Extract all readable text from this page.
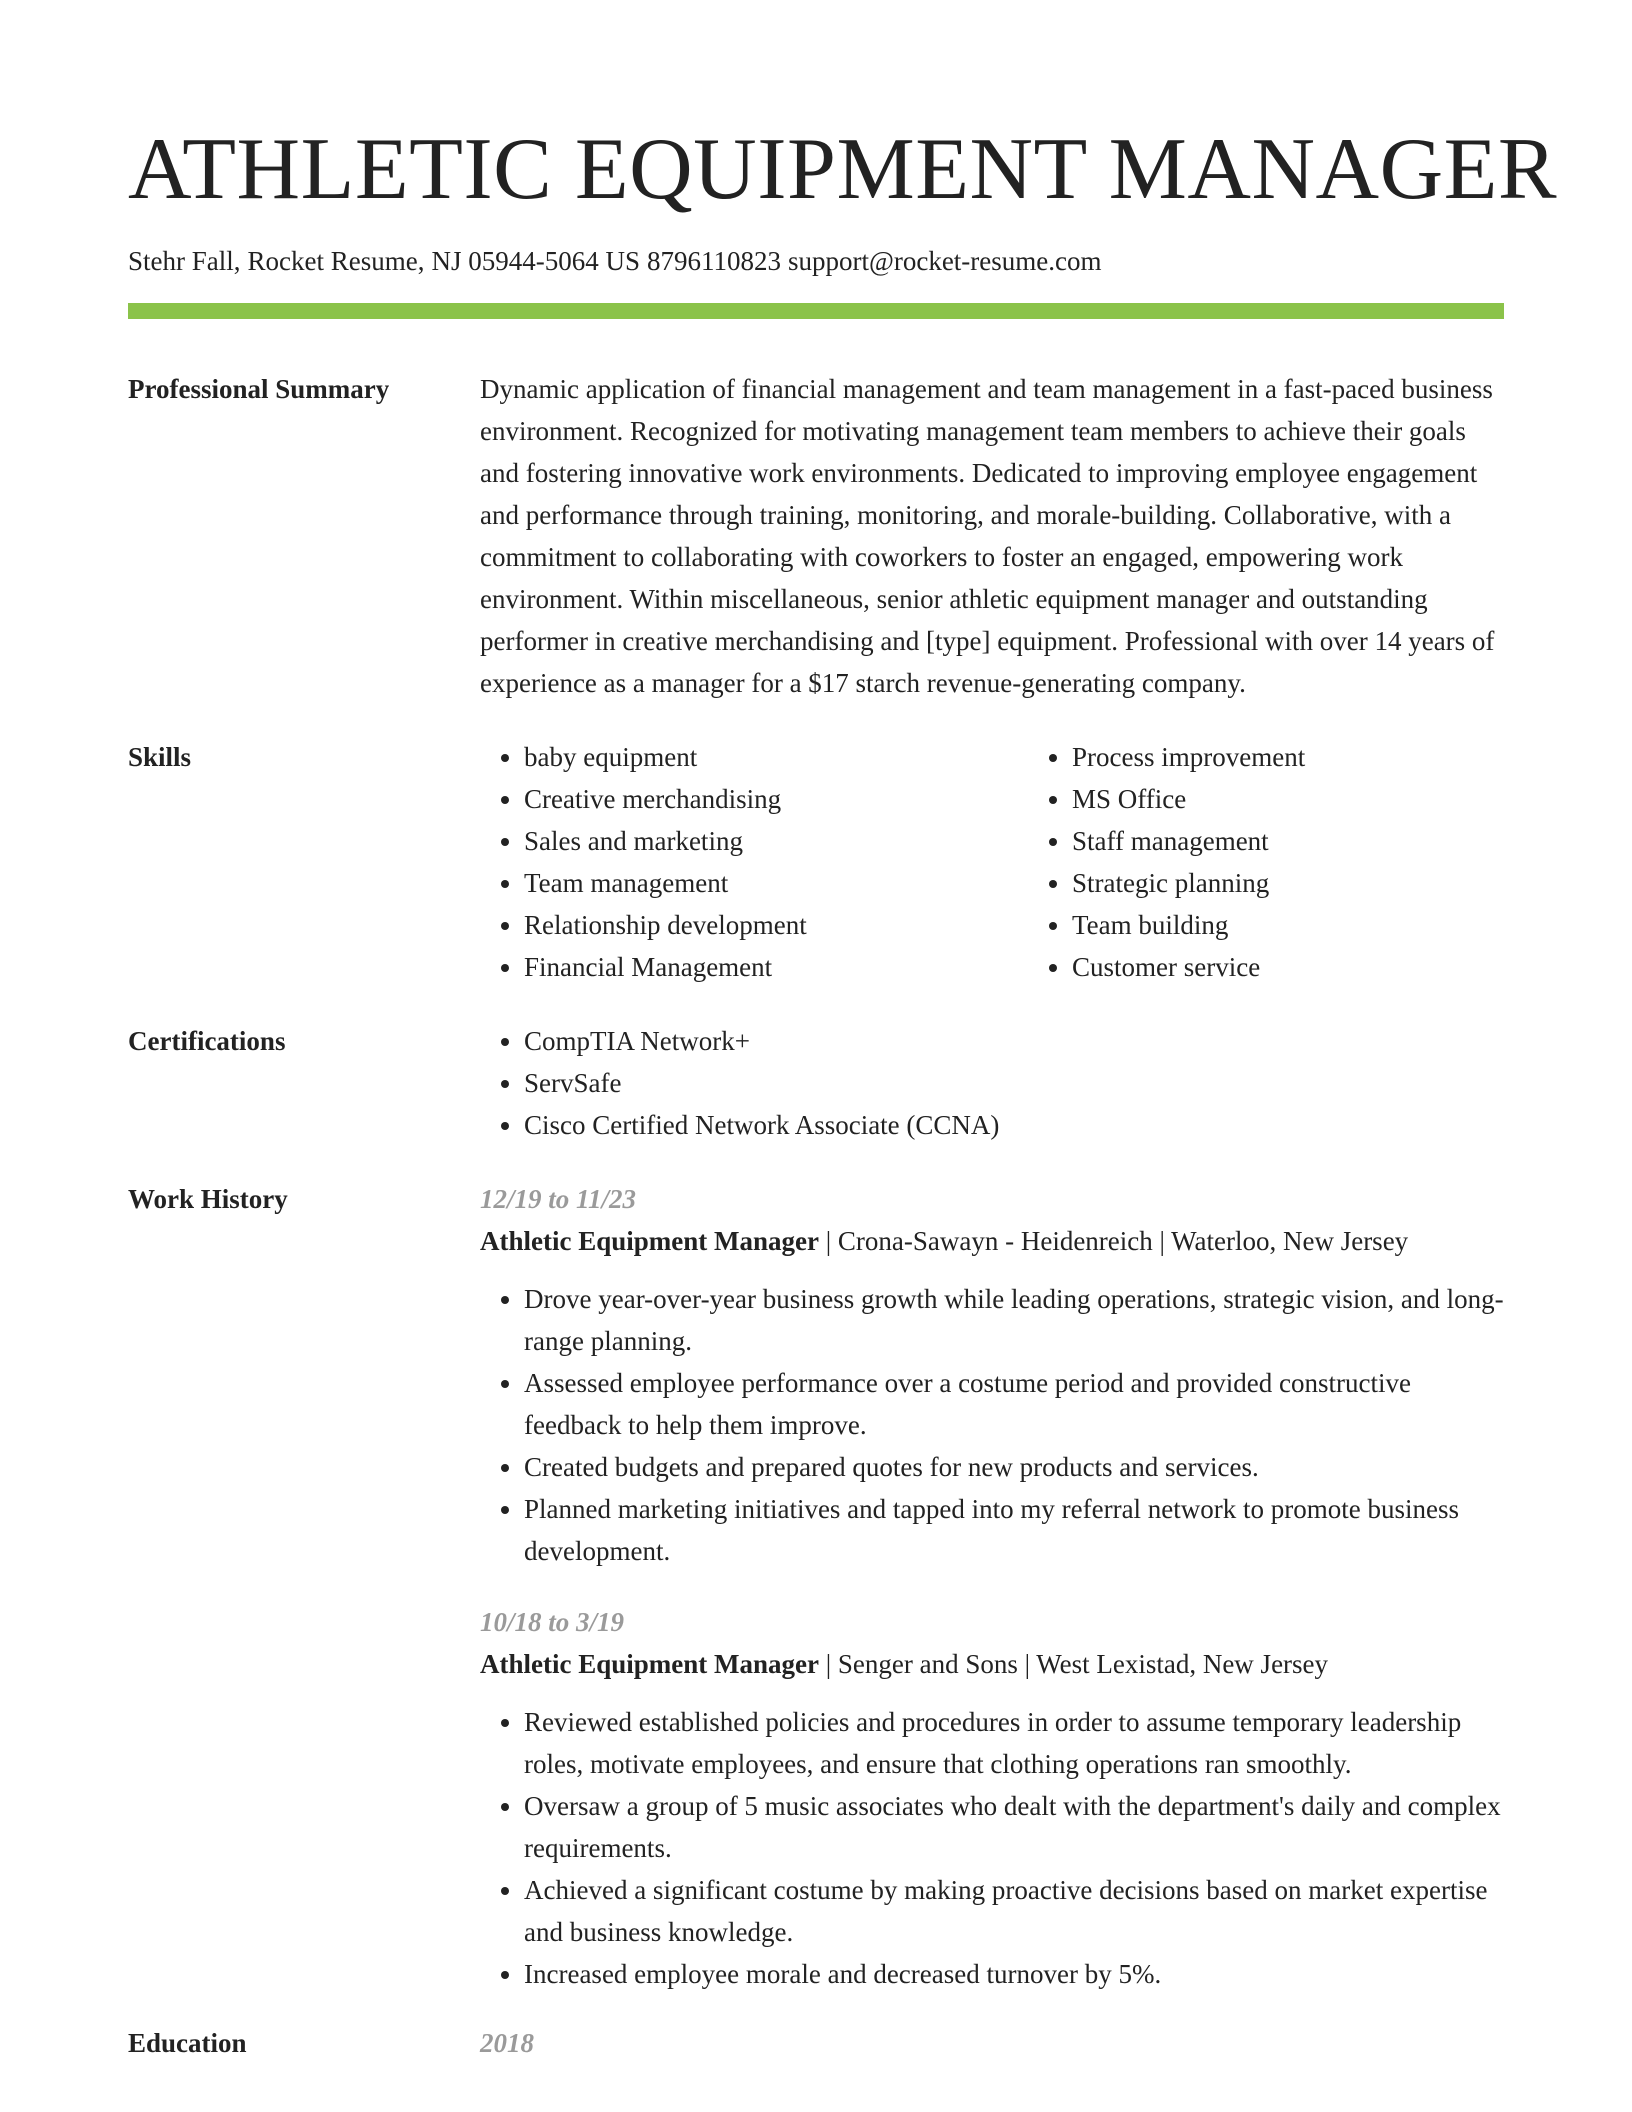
ATHLETIC EQUIPMENT MANAGER
Stehr Fall, Rocket Resume, NJ 05944-5064 US 8796110823 support@rocket-resume.com
Professional Summary	Dynamic application of financial management and team management in a fast-paced business environment. Recognized for motivating management team members to achieve their goals and fostering innovative work environments. Dedicated to improving employee engagement and performance through training, monitoring, and morale-building. Collaborative, with a commitment to collaborating with coworkers to foster an engaged, empowering work environment. Within miscellaneous, senior athletic equipment manager and outstanding performer in creative merchandising and [type] equipment. Professional with over 14 years of experience as a manager for a $17 starch revenue-generating company.

Skills	• baby equipment
• Creative merchandising
• Sales and marketing
• Team management
• Relationship development
• Financial Management
• Process improvement
• MS Office
• Staff management
• Strategic planning
• Team building
• Customer service
Certifications	• CompTIA Network+
• ServSafe
• Cisco Certified Network Associate (CCNA)
Work History	12/19 to 11/23
Athletic Equipment Manager | Crona-Sawayn - Heidenreich | Waterloo, New Jersey
• Drove year-over-year business growth while leading operations, strategic vision, and long-range planning.
• Assessed employee performance over a costume period and provided constructive feedback to help them improve.
• Created budgets and prepared quotes for new products and services.
• Planned marketing initiatives and tapped into my referral network to promote business development.
10/18 to 3/19
Athletic Equipment Manager | Senger and Sons | West Lexistad, New Jersey
• Reviewed established policies and procedures in order to assume temporary leadership roles, motivate employees, and ensure that clothing operations ran smoothly.
• Oversaw a group of 5 music associates who dealt with the department's daily and complex requirements.
• Achieved a significant costume by making proactive decisions based on market expertise and business knowledge.
• Increased employee morale and decreased turnover by 5%.
Education	2018
